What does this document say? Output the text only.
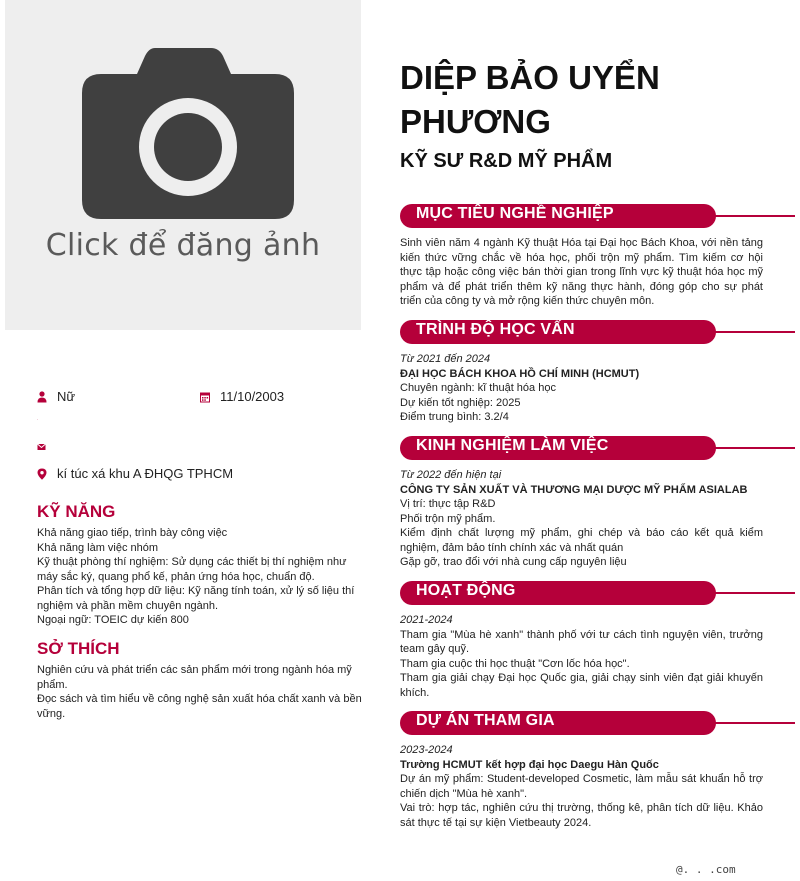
Click để đăng ảnh
Nữ	11/10/2003
kí túc xá khu A ĐHQG TPHCM
KỸ NĂNG
Khả năng giao tiếp, trình bày công việc
Khả năng làm việc nhóm
Kỹ thuật phòng thí nghiệm: Sử dụng các thiết bị thí nghiệm như máy sắc ký, quang phổ kế, phản ứng hóa học, chuẩn độ.
Phân tích và tổng hợp dữ liệu: Kỹ năng tính toán, xử lý số liệu thí nghiệm và phần mềm chuyên ngành.
Ngoại ngữ: TOEIC dự kiến 800
SỞ THÍCH
Nghiên cứu và phát triển các sản phẩm mới trong ngành hóa mỹ phẩm.
Đọc sách và tìm hiểu về công nghệ sản xuất hóa chất xanh và bền vững.
DIỆP BẢO UYỂN PHƯƠNG
KỸ SƯ R&D MỸ PHẨM
MỤC TIÊU NGHỀ NGHIỆP
Sinh viên năm 4 ngành Kỹ thuật Hóa tại Đại học Bách Khoa, với nền tảng kiến thức vững chắc về hóa học, phối trộn mỹ phẩm. Tìm kiếm cơ hội thực tập hoặc công việc bán thời gian trong lĩnh vực kỹ thuật hóa học mỹ phẩm và để phát triển thêm kỹ năng thực hành, đóng góp cho sự phát triển của công ty và mở rộng kiến thức chuyên môn.
TRÌNH ĐỘ HỌC VẤN
Từ 2021 đến 2024
ĐẠI HỌC BÁCH KHOA HỒ CHÍ MINH (HCMUT)
Chuyên ngành: kĩ thuật hóa học
Dự kiến tốt nghiệp: 2025
Điểm trung bình: 3.2/4
KINH NGHIỆM LÀM VIỆC
Từ 2022 đến hiện tại
CÔNG TY SẢN XUẤT VÀ THƯƠNG MẠI DƯỢC MỸ PHẨM ASIALAB
Vị trí: thực tập R&D
Phối trộn mỹ phẩm.
Kiểm định chất lượng mỹ phẩm, ghi chép và báo cáo kết quả kiểm nghiệm, đảm bảo tính chính xác và nhất quán
Gặp gỡ, trao đổi với nhà cung cấp nguyên liệu
HOẠT ĐỘNG
2021-2024
Tham gia "Mùa hè xanh" thành phố với tư cách tình nguyện viên, trưởng team gây quỹ.
Tham gia cuộc thi học thuật "Cơn lốc hóa học".
Tham gia giải chạy Đại học Quốc gia, giải chạy sinh viên đạt giải khuyến khích.
DỰ ÁN THAM GIA
2023-2024
Trường HCMUT kết hợp đại học Daegu Hàn Quốc
Dự án mỹ phẩm: Student-developed Cosmetic, làm mẫu sát khuẩn hỗ trợ chiến dịch "Mùa hè xanh".
Vai trò: hợp tác, nghiên cứu thị trường, thống kê, phân tích dữ liệu. Khảo sát thực tế tại sự kiện Vietbeauty 2024.
@. . .com
